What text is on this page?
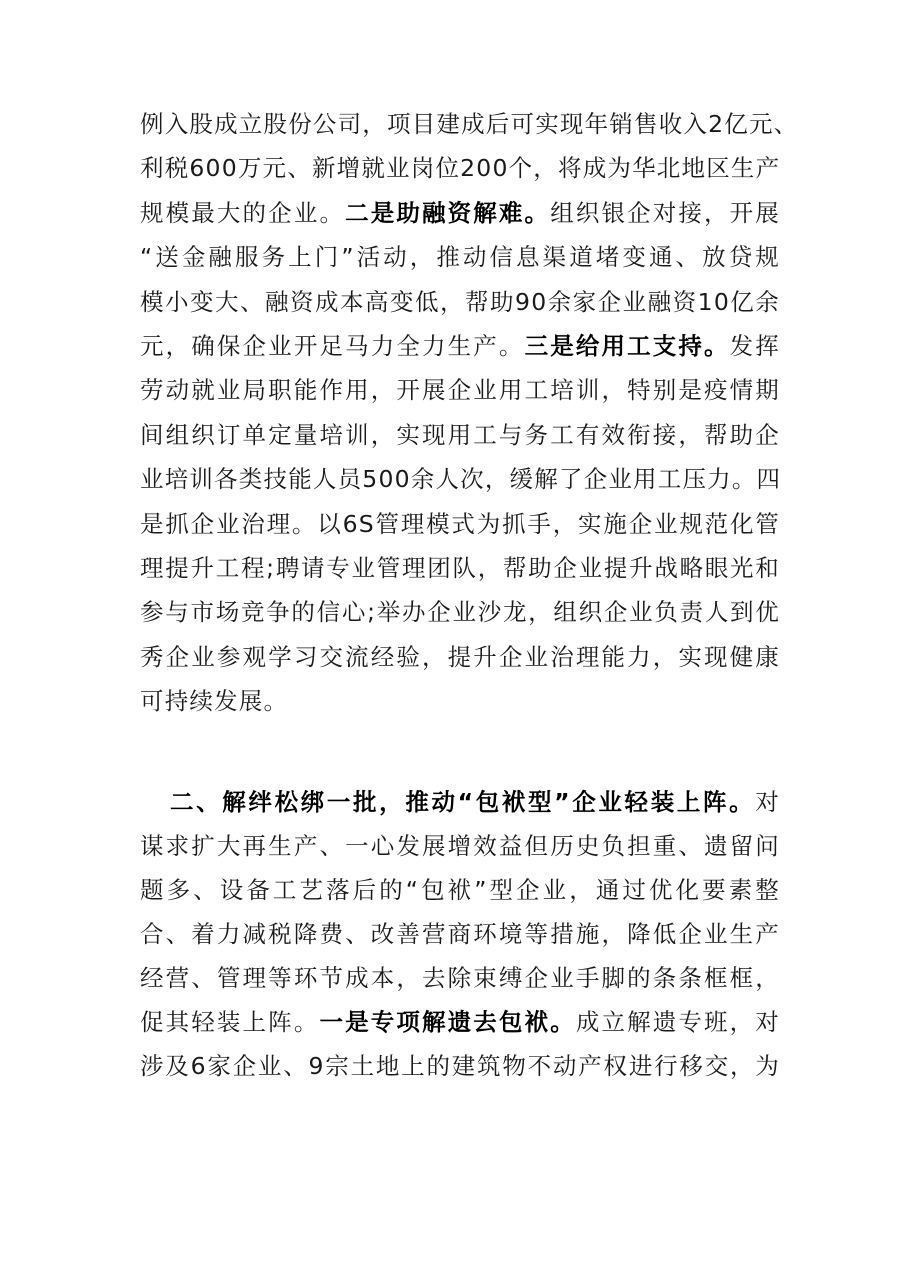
例入股成立股份公司，项目建成后可实现年销售收入2亿元、
利税600万元、新增就业岗位200个，将成为华北地区生产
规模最大的企业。二是助融资解难。组织银企对接，开展
“送金融服务上门”活动，推动信息渠道堵变通、放贷规
模小变大、融资成本高变低，帮助90余家企业融资10亿余
元，确保企业开足马力全力生产。三是给用工支持。发挥
劳动就业局职能作用，开展企业用工培训，特别是疫情期
间组织订单定量培训，实现用工与务工有效衔接，帮助企
业培训各类技能人员500余人次，缓解了企业用工压力。四
是抓企业治理。以6S管理模式为抓手，实施企业规范化管
理提升工程;聘请专业管理团队，帮助企业提升战略眼光和
参与市场竞争的信心;举办企业沙龙，组织企业负责人到优
秀企业参观学习交流经验，提升企业治理能力，实现健康
可持续发展。
二、解绊松绑一批，推动“包袱型”企业轻装上阵。对
谋求扩大再生产、一心发展增效益但历史负担重、遗留问
题多、设备工艺落后的“包袱”型企业，通过优化要素整
合、着力减税降费、改善营商环境等措施，降低企业生产
经营、管理等环节成本，去除束缚企业手脚的条条框框，
促其轻装上阵。一是专项解遗去包袱。成立解遗专班，对
涉及6家企业、9宗土地上的建筑物不动产权进行移交，为
